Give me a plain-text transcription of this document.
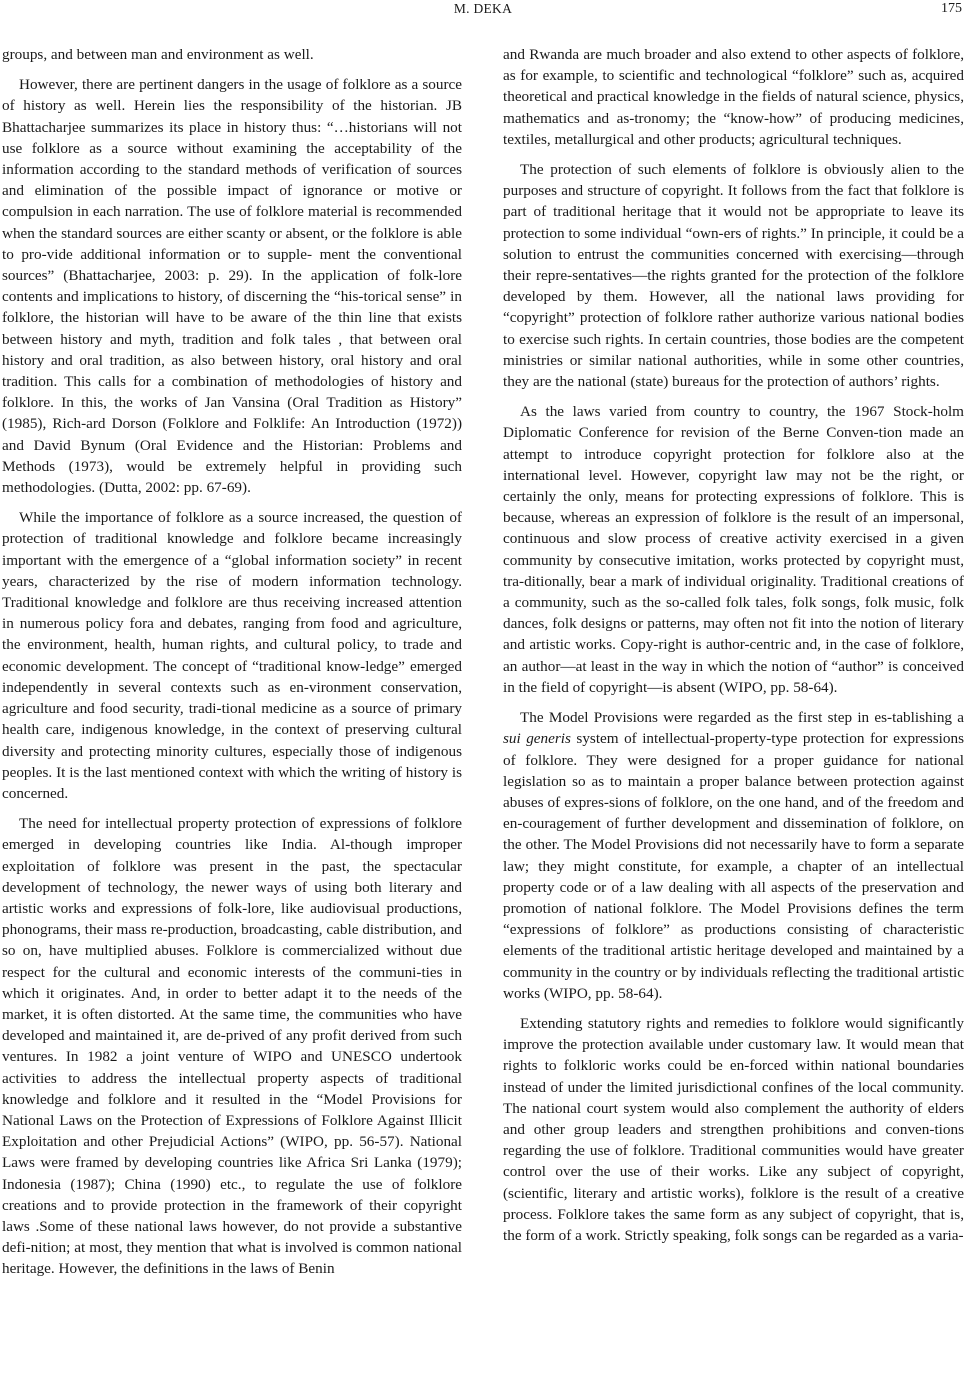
M. DEKA	175

groups, and between man and environment as well.

However, there are pertinent dangers in the usage of folklore as a source of history as well. Herein lies the responsibility of the historian. JB Bhattacharjee summarizes its place in history thus: “…historians will not use folklore as a source without examining the acceptability of the information according to the standard methods of verification of sources and elimination of the possible impact of ignorance or motive or compulsion in each narration. The use of folklore material is recommended when the standard sources are either scanty or absent, or the folklore is able to pro-vide additional information or to supple- ment the conventional sources” (Bhattacharjee, 2003: p. 29). In the application of folk-lore contents and implications to history, of discerning the “his-torical sense” in folklore, the historian will have to be aware of the thin line that exists between history and myth, tradition and folk tales , that between oral history and oral tradition, as also between history, oral history and oral tradition. This calls for a combination of methodologies of history and folklore. In this, the works of Jan Vansina (Oral Tradition as History” (1985), Rich-ard Dorson (Folklore and Folklife: An Introduction (1972)) and David Bynum (Oral Evidence and the Historian: Problems and Methods (1973), would be extremely helpful in providing such methodologies. (Dutta, 2002: pp. 67-69).

While the importance of folklore as a source increased, the question of protection of traditional knowledge and folklore became increasingly important with the emergence of a “global information society” in recent years, characterized by the rise of modern information technology. Traditional knowledge and folklore are thus receiving increased attention in numerous policy fora and debates, ranging from food and agriculture, the environment, health, human rights, and cultural policy, to trade and economic development. The concept of “traditional know-ledge” emerged independently in several contexts such as en-vironment conservation, agriculture and food security, tradi-tional medicine as a source of primary health care, indigenous knowledge, in the context of preserving cultural diversity and protecting minority cultures, especially those of indigenous peoples. It is the last mentioned context with which the writing of history is concerned.

The need for intellectual property protection of expressions of folklore emerged in developing countries like India. Al-though improper exploitation of folklore was present in the past, the spectacular development of technology, the newer ways of using both literary and artistic works and expressions of folk-lore, like audiovisual productions, phonograms, their mass re-production, broadcasting, cable distribution, and so on, have multiplied abuses. Folklore is commercialized without due respect for the cultural and economic interests of the communi-ties in which it originates. And, in order to better adapt it to the needs of the market, it is often distorted. At the same time, the communities who have developed and maintained it, are de-prived of any profit derived from such ventures. In 1982 a joint venture of WIPO and UNESCO undertook activities to address the intellectual property aspects of traditional knowledge and folklore and it resulted in the “Model Provisions for National Laws on the Protection of Expressions of Folklore Against Illicit Exploitation and other Prejudicial Actions” (WIPO, pp. 56-57). National Laws were framed by developing countries like Africa Sri Lanka (1979); Indonesia (1987); China (1990) etc., to regulate the use of folklore creations and to provide protection in the framework of their copyright laws .Some of these national laws however, do not provide a substantive defi-nition; at most, they mention that what is involved is common national heritage. However, the definitions in the laws of Benin

and Rwanda are much broader and also extend to other aspects of folklore, as for example, to scientific and technological “folklore” such as, acquired theoretical and practical knowledge in the fields of natural science, physics, mathematics and as-tronomy; the “know-how” of producing medicines, textiles, metallurgical and other products; agricultural techniques.

The protection of such elements of folklore is obviously alien to the purposes and structure of copyright. It follows from the fact that folklore is part of traditional heritage that it would not be appropriate to leave its protection to some individual “own-ers of rights.” In principle, it could be a solution to entrust the communities concerned with exercising—through their repre-sentatives—the rights granted for the protection of the folklore developed by them. However, all the national laws providing for “copyright” protection of folklore rather authorize various national bodies to exercise such rights. In certain countries, those bodies are the competent ministries or similar national authorities, while in some other countries, they are the national (state) bureaus for the protection of authors’ rights.

As the laws varied from country to country, the 1967 Stock-holm Diplomatic Conference for revision of the Berne Conven-tion made an attempt to introduce copyright protection for folklore also at the international level. However, copyright law may not be the right, or certainly the only, means for protecting expressions of folklore. This is because, whereas an expression of folklore is the result of an impersonal, continuous and slow process of creative activity exercised in a given community by consecutive imitation, works protected by copyright must, tra-ditionally, bear a mark of individual originality. Traditional creations of a community, such as the so-called folk tales, folk songs, folk music, folk dances, folk designs or patterns, may often not fit into the notion of literary and artistic works. Copy-right is author-centric and, in the case of folklore, an author—at least in the way in which the notion of “author” is conceived in the field of copyright—is absent (WIPO, pp. 58-64).

The Model Provisions were regarded as the first step in es-tablishing a sui generis system of intellectual-property-type protection for expressions of folklore. They were designed for a proper guidance for national legislation so as to maintain a proper balance between protection against abuses of expres-sions of folklore, on the one hand, and of the freedom and en-couragement of further development and dissemination of folklore, on the other. The Model Provisions did not necessarily have to form a separate law; they might constitute, for example, a chapter of an intellectual property code or of a law dealing with all aspects of the preservation and promotion of national folklore. The Model Provisions defines the term “expressions of folklore” as productions consisting of characteristic elements of the traditional artistic heritage developed and maintained by a community in the country or by individuals reflecting the traditional artistic works (WIPO, pp. 58-64).

Extending statutory rights and remedies to folklore would significantly improve the protection available under customary law. It would mean that rights to folkloric works could be en-forced within national boundaries instead of under the limited jurisdictional confines of the local community. The national court system would also complement the authority of elders and other group leaders and strengthen prohibitions and conven-tions regarding the use of folklore. Traditional communities would have greater control over the use of their works. Like any subject of copyright, (scientific, literary and artistic works), folklore is the result of a creative process. Folklore takes the same form as any subject of copyright, that is, the form of a work. Strictly speaking, folk songs can be regarded as a varia-
